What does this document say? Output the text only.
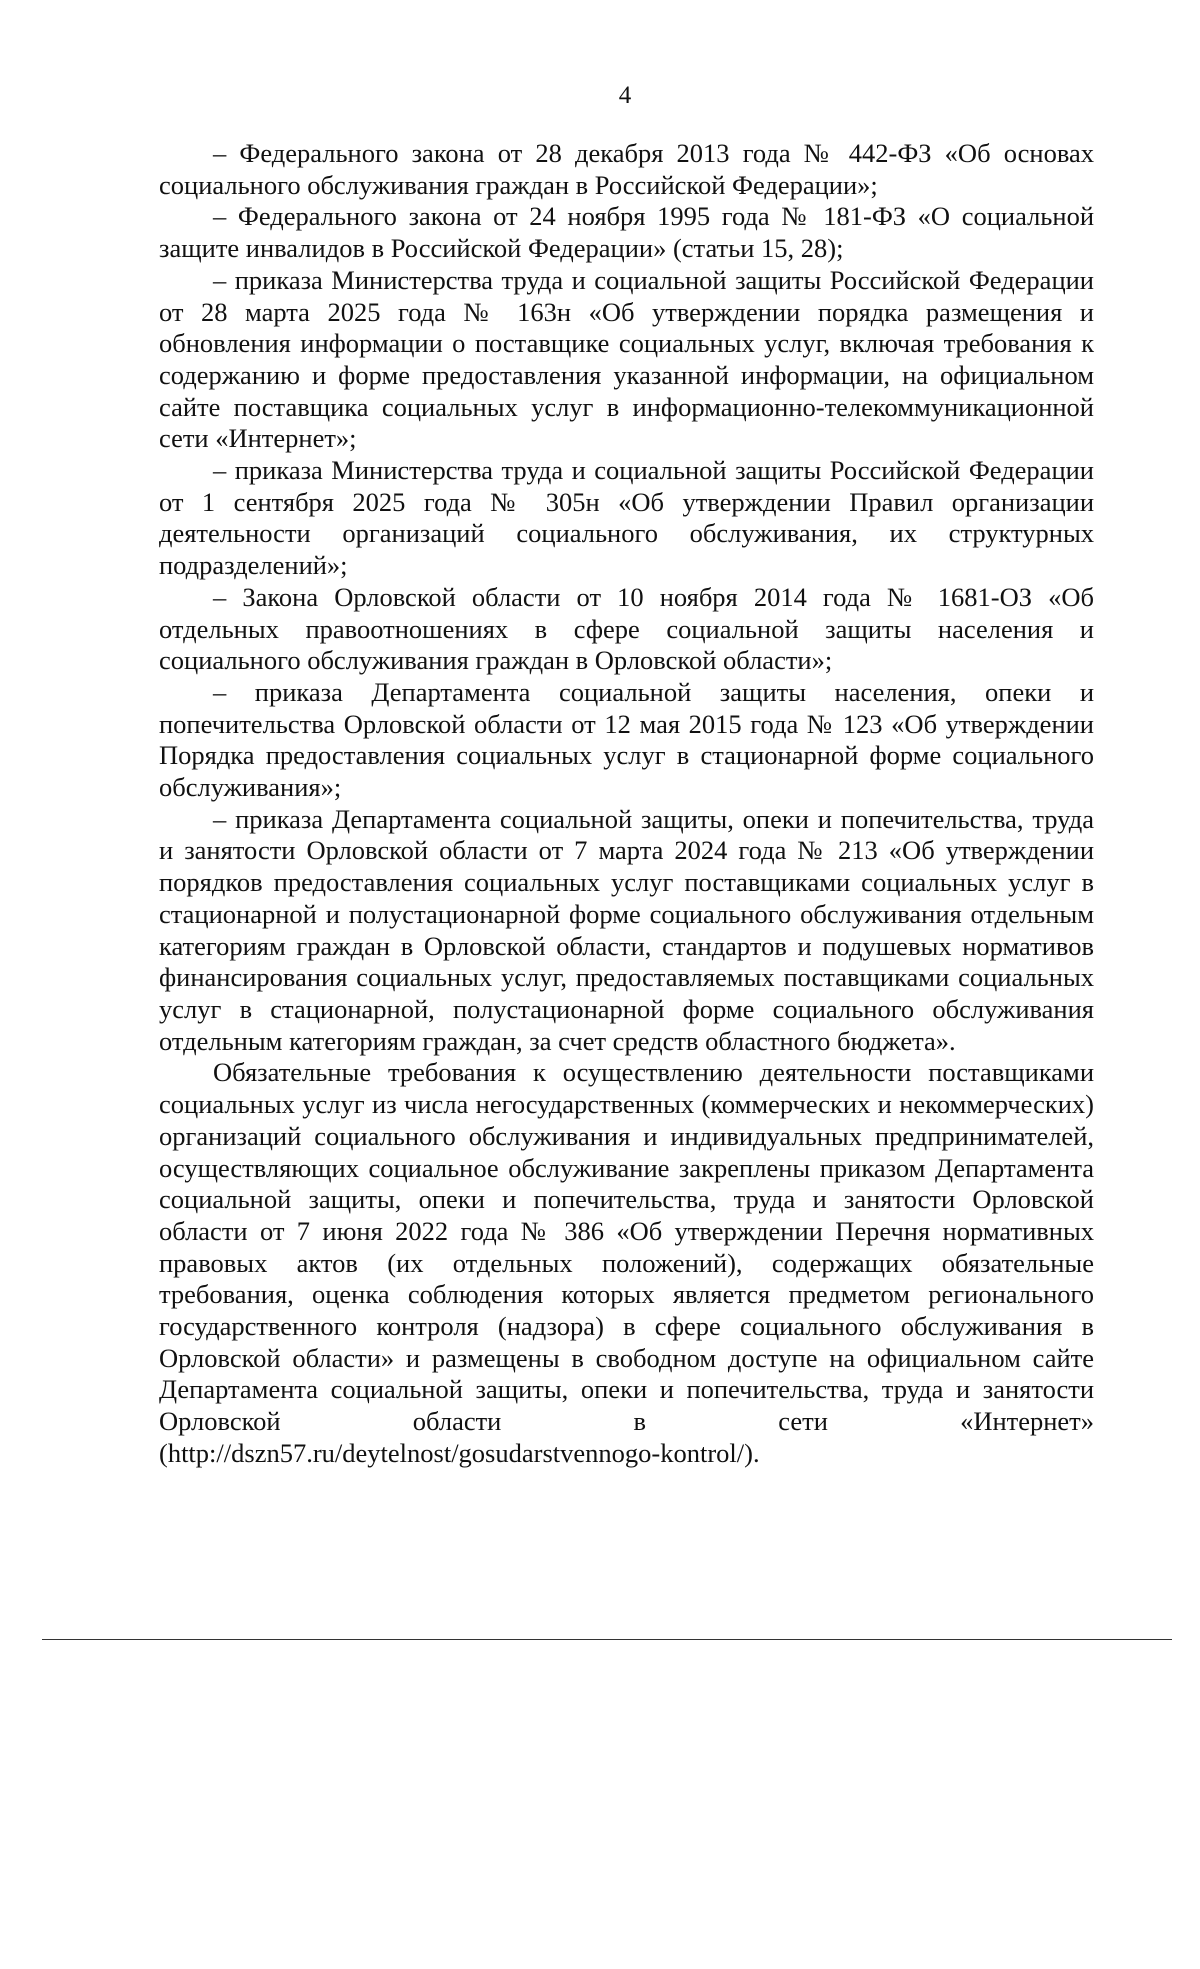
4

– Федерального закона от 28 декабря 2013 года № 442-ФЗ «Об основах социального обслуживания граждан в Российской Федерации»;

– Федерального закона от 24 ноября 1995 года № 181-ФЗ «О социальной защите инвалидов в Российской Федерации» (статьи 15, 28);

– приказа Министерства труда и социальной защиты Российской Федерации от 28 марта 2025 года № 163н «Об утверждении порядка размещения и обновления информации о поставщике социальных услуг, включая требования к содержанию и форме предоставления указанной информации, на официальном сайте поставщика социальных услуг в информационно-телекоммуникационной сети «Интернет»;

– приказа Министерства труда и социальной защиты Российской Федерации от 1 сентября 2025 года № 305н «Об утверждении Правил организации деятельности организаций социального обслуживания, их структурных подразделений»;

– Закона Орловской области от 10 ноября 2014 года № 1681-ОЗ «Об отдельных правоотношениях в сфере социальной защиты населения и социального обслуживания граждан в Орловской области»;

– приказа Департамента социальной защиты населения, опеки и попечительства Орловской области от 12 мая 2015 года № 123 «Об утверждении Порядка предоставления социальных услуг в стационарной форме социального обслуживания»;

– приказа Департамента социальной защиты, опеки и попечительства, труда и занятости Орловской области от 7 марта 2024 года № 213 «Об утверждении порядков предоставления социальных услуг поставщиками социальных услуг в стационарной и полустационарной форме социального обслуживания отдельным категориям граждан в Орловской области, стандартов и подушевых нормативов финансирования социальных услуг, предоставляемых поставщиками социальных услуг в стационарной, полустационарной форме социального обслуживания отдельным категориям граждан, за счет средств областного бюджета».

Обязательные требования к осуществлению деятельности поставщиками социальных услуг из числа негосударственных (коммерческих и некоммерческих) организаций социального обслуживания и индивидуальных предпринимателей, осуществляющих социальное обслуживание закреплены приказом Департамента социальной защиты, опеки и попечительства, труда и занятости Орловской области от 7 июня 2022 года № 386 «Об утверждении Перечня нормативных правовых актов (их отдельных положений), содержащих обязательные требования, оценка соблюдения которых является предметом регионального государственного контроля (надзора) в сфере социального обслуживания в Орловской области» и размещены в свободном доступе на официальном сайте Департамента социальной защиты, опеки и попечительства, труда и занятости Орловской области в сети «Интернет» (http://dszn57.ru/deytelnost/gosudarstvennogo-kontrol/).
